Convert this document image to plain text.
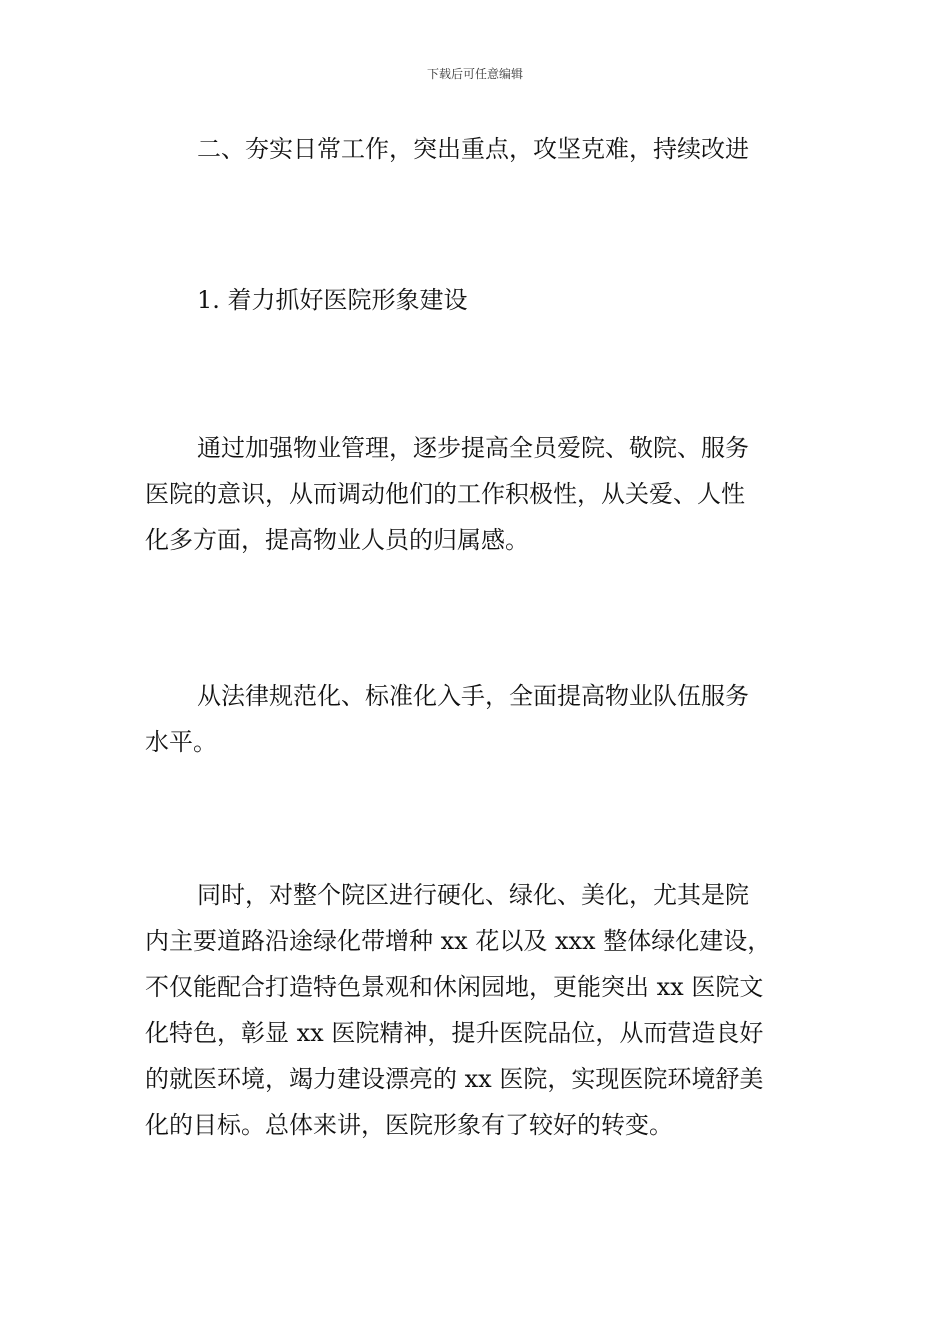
下载后可任意编辑
二、夯实日常工作，突出重点，攻坚克难，持续改进
1. 着力抓好医院形象建设
通过加强物业管理，逐步提高全员爱院、敬院、服务
医院的意识，从而调动他们的工作积极性，从关爱、人性
化多方面，提高物业人员的归属感。
从法律规范化、标准化入手，全面提高物业队伍服务
水平。
同时，对整个院区进行硬化、绿化、美化，尤其是院
内主要道路沿途绿化带增种 xx 花以及 xxx 整体绿化建设，
不仅能配合打造特色景观和休闲园地，更能突出 xx 医院文
化特色，彰显 xx 医院精神，提升医院品位，从而营造良好
的就医环境，竭力建设漂亮的 xx 医院，实现医院环境舒美
化的目标。总体来讲，医院形象有了较好的转变。
